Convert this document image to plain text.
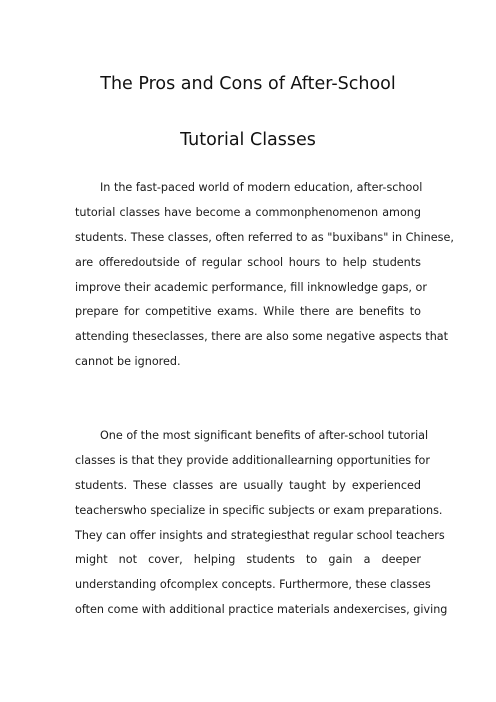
The Pros and Cons of After-School
Tutorial Classes
In the fast-paced world of modern education, after-school
tutorial classes have become a commonphenomenon among
students. These classes, often referred to as "buxibans" in Chinese,
are offeredoutside of regular school hours to help students
improve their academic performance, fill inknowledge gaps, or
prepare for competitive exams. While there are benefits to
attending theseclasses, there are also some negative aspects that
cannot be ignored.
One of the most significant benefits of after-school tutorial
classes is that they provide additionallearning opportunities for
students. These classes are usually taught by experienced
teacherswho specialize in specific subjects or exam preparations.
They can offer insights and strategiesthat regular school teachers
might not cover, helping students to gain a deeper
understanding ofcomplex concepts. Furthermore, these classes
often come with additional practice materials andexercises, giving
